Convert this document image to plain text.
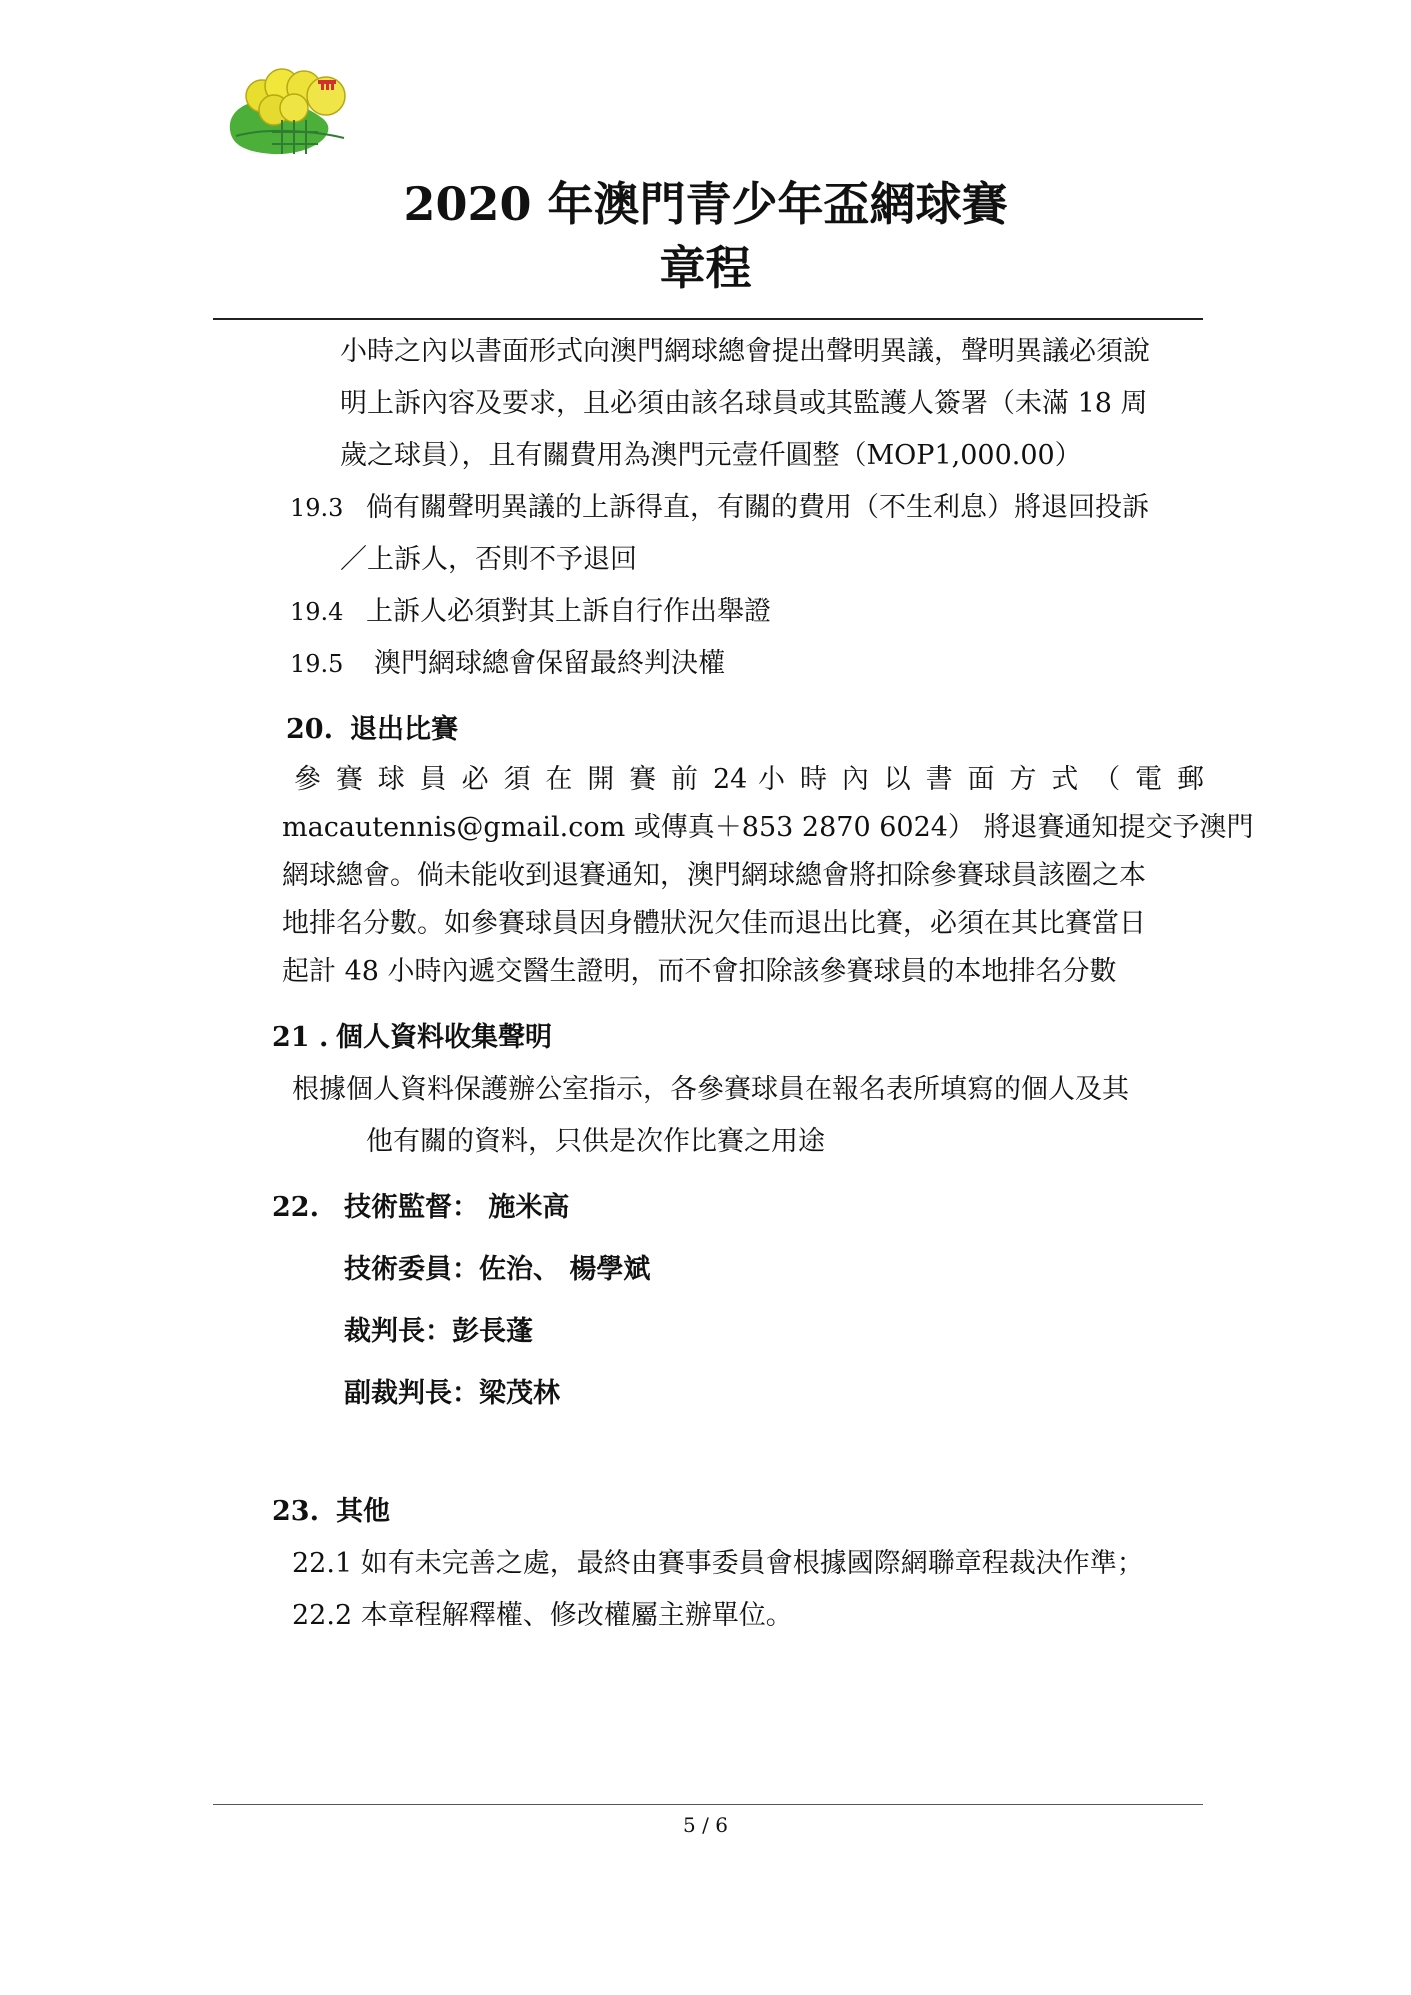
2020 年澳門青少年盃網球賽
章程
小時之內以書面形式向澳門網球總會提出聲明異議，聲明異議必須說
明上訴內容及要求，且必須由該名球員或其監護人簽署（未滿 18 周
歲之球員），且有關費用為澳門元壹仟圓整（MOP1,000.00）
19.3 倘有關聲明異議的上訴得直，有關的費用（不生利息）將退回投訴
／上訴人，否則不予退回
19.4 上訴人必須對其上訴自行作出舉證
19.5 澳門網球總會保留最終判決權
20. 退出比賽
參 賽 球 員 必 須 在 開 賽 前 24 小 時 內 以 書 面 方 式 （ 電 郵
macautennis@gmail.com 或傳真＋853 2870 6024） 將退賽通知提交予澳門
網球總會。倘未能收到退賽通知，澳門網球總會將扣除參賽球員該圈之本
地排名分數。如參賽球員因身體狀況欠佳而退出比賽，必須在其比賽當日
起計 48 小時內遞交醫生證明，而不會扣除該參賽球員的本地排名分數
21 . 個人資料收集聲明
根據個人資料保護辦公室指示，各參賽球員在報名表所填寫的個人及其
他有關的資料，只供是次作比賽之用途
22. 技術監督： 施米高
技術委員：佐治、 楊學斌
裁判長：彭長蓬
副裁判長：梁茂林
23. 其他
22.1 如有未完善之處，最終由賽事委員會根據國際網聯章程裁決作準；
22.2 本章程解釋權、修改權屬主辦單位。
5 / 6
